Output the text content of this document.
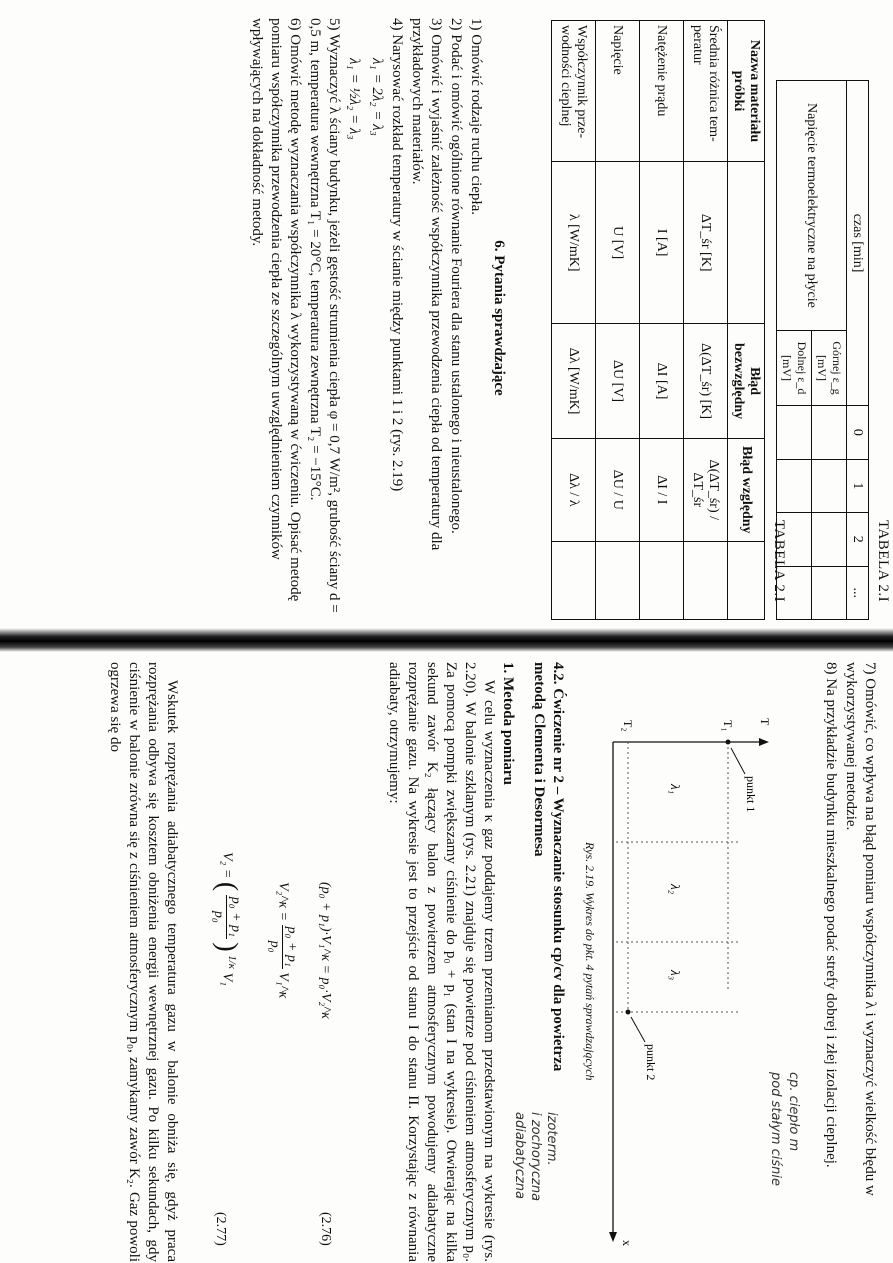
TABELA 2.I
czas [min]		0	1	2	...
Napięcie termoelektryczne na płycie	Górnej ε_g [mV]				
	Dolnej ε_d [mV]				
TABELA 2.I
Nazwa materiału próbki		Błąd bezwzględny	Błąd względny	
Średnia różnica tem-peratur	ΔT_śr [K]	Δ(ΔT_śr) [K]	Δ(ΔT_śr) / ΔT_śr	
Natężenie prądu	I [A]	ΔI [A]	ΔI / I	
Napięcie	U [V]	ΔU [V]	ΔU / U	
Współczynnik prze-wodności cieplnej	λ [W/mK]	Δλ [W/mK]	Δλ / λ	
6. Pytania sprawdzające
1) Omówić rodzaje ruchu ciepła.
2) Podać i omówić ogólnione równanie Fouriera dla stanu ustalonego i nieustalonego.
3) Omówić i wyjaśnić zależność współczynnika przewodzenia ciepła od temperatury dla przykładowych materiałów.
4) Narysować rozkład temperatury w ścianie między punktami 1 i 2 (rys. 2.19)
λ₁ = 2λ₂ = λ₃
λ₁ = ½λ₂ = λ₃
5) Wyznaczyć λ ściany budynku, jeżeli gęstość strumienia ciepła φ = 0,7 W/m², grubość ściany d = 0,5 m, temperatura wewnętrzna T₁ = 20°C, temperatura zewnętrzna T₂ = −15°C.
6) Omówić metodę wyznaczania współczynnika λ wykorzystywaną w ćwiczeniu. Opisać metodę pomiaru współczynnika przewodzenia ciepła ze szczególnym uwzględnieniem czynników wpływających na dokładność metody.
7) Omówić, co wpływa na błąd pomiaru współczynnika λ i wyznaczyć wielkość błędu w wykorzystywanej metodzie.
8) Na przykładzie budynku mieszkalnego podać strefy dobrej i złej izolacji cieplnej.
cp. ciepło m
pod stałym ciśnie
T
x
T₁
T₂
punkt 1
punkt 2
λ₁
λ₂
λ₃
Rys. 2.19. Wykres do pkt. 4 pytań sprawdzających
4.2. Ćwiczenie nr 2 – Wyznaczanie stosunku cp/cv dla powietrza metodą Clementa i Desormesa
izoterm.
i zochoryczna
adiabatyczna
1. Metoda pomiaru
W celu wyznaczenia κ gaz poddajemy trzem przemianom przedstawionym na wykresie (rys. 2.20). W balonie szklanym (rys. 2.21) znajduje się powietrze pod ciśnieniem atmosferycznym p₀. Za pomocą pompki zwiększamy ciśnienie do p₀ + p₁ (stan I na wykresie). Otwierając na kilka sekund zawór K₂ łączący balon z powietrzem atmosferycznym powodujemy adiabatyczne rozprężanie gazu. Na wykresie jest to przejście od stanu I do stanu II. Korzystając z równania adiabaty, otrzymujemy:
(p₀ + p₁)·V₁^κ = p₀·V₂^κ
(2.76)
V₂^κ =
p₀ + p₁
p₀
V₁^κ
V₂ = (
p₀ + p₁
p₀
) $^{1/\kappa}$ V₁
(2.77)
Wskutek rozprężania adiabatycznego temperatura gazu w balonie obniża się, gdyż praca rozprężania odbywa się kosztem obniżenia energii wewnętrznej gazu. Po kilku sekundach, gdy ciśnienie w balonie zrówna się z ciśnieniem atmosferycznym p₀, zamykamy zawór K₂. Gaz powoli ogrzewa się do
